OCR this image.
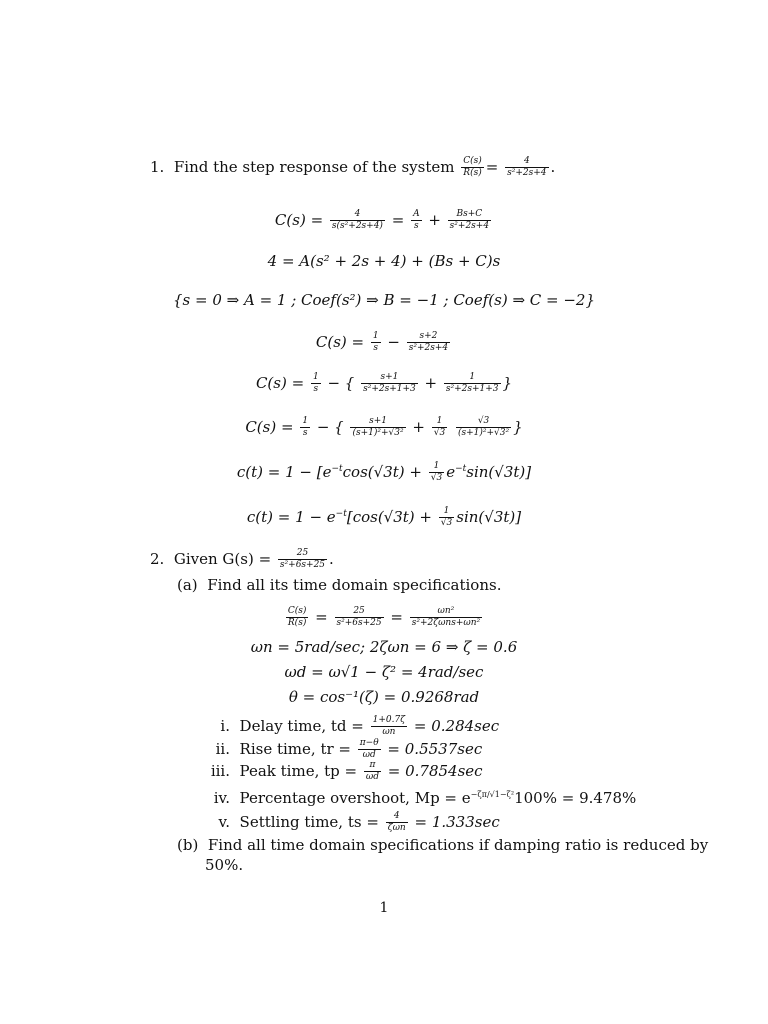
1. Find the step response of the system $\frac{C(s)}{R(s)} = \frac{4}{\text{s²+2s+4}}$ .
$C(s) = \frac{4}{\text{s(s²+2s+4)}} = \frac{A}{s} + \frac{Bs+C}{\text{s²+2s+4}}$
4 = A(s² + 2s + 4) + (Bs + C)s
{s = 0 ⇒ A = 1 ; Coef(s²) ⇒ B = −1 ; Coef(s) ⇒ C = −2}
$C(s) = \frac{1}{s} - \frac{s+2}{\text{s²+2s+4}}$
$C(s) = \frac{1}{s}$ − { $\frac{s+1}{\text{s²+2s+1+3}} + \frac{1}{\text{s²+2s+1+3}}$ }
$C(s) = \frac{1}{s}$ − { $\frac{s+1}{\text{(s+1)²+√3²}} + \frac{1}{√3}$
$\frac{√3}{\text{(s+1)²+√3²}}$ }
$c(t) = 1 - [e^{-t}\cos(√3t) + \frac{1}{√3} e^{-t}\sin(√3t)]$
$c(t) = 1 - e^{-t}[\cos(√3t) + \frac{1}{√3} \sin(√3t)]$
2. Given $G(s) = \frac{25}{\text{s²+6s+25}}$ .
(a) Find all its time domain specifications.
$\frac{C(s)}{R(s)} = \frac{25}{\text{s²+6s+25}} = \frac{\text{ωn²}}{\text{s²+2ζωns+ωn²}}$
ωn = 5rad/sec; 2ζωn = 6 ⇒ ζ = 0.6
ωd = ω√1 − ζ² = 4rad/sec
θ = cos⁻¹(ζ) = 0.9268rad
i. Delay time, td = $\frac{1+0.7\zeta}{\omega n} = 0.284\sec$
ii. Rise time, tr = $\frac{\pi-\theta}{\omega d} = 0.5537\sec$
iii. Peak time, tp = $\frac{\pi}{\omega d} = 0.7854\sec$
iv. Percentage overshoot, $Mp = e^{-\zeta\pi/√1-\zeta^2}100\% = 9.478\%$
v. Settling time, ts = $\frac{4}{\text{ζωn}} = 1.333\sec$
(b) Find all time domain specifications if damping ratio is reduced by
50%.
1
